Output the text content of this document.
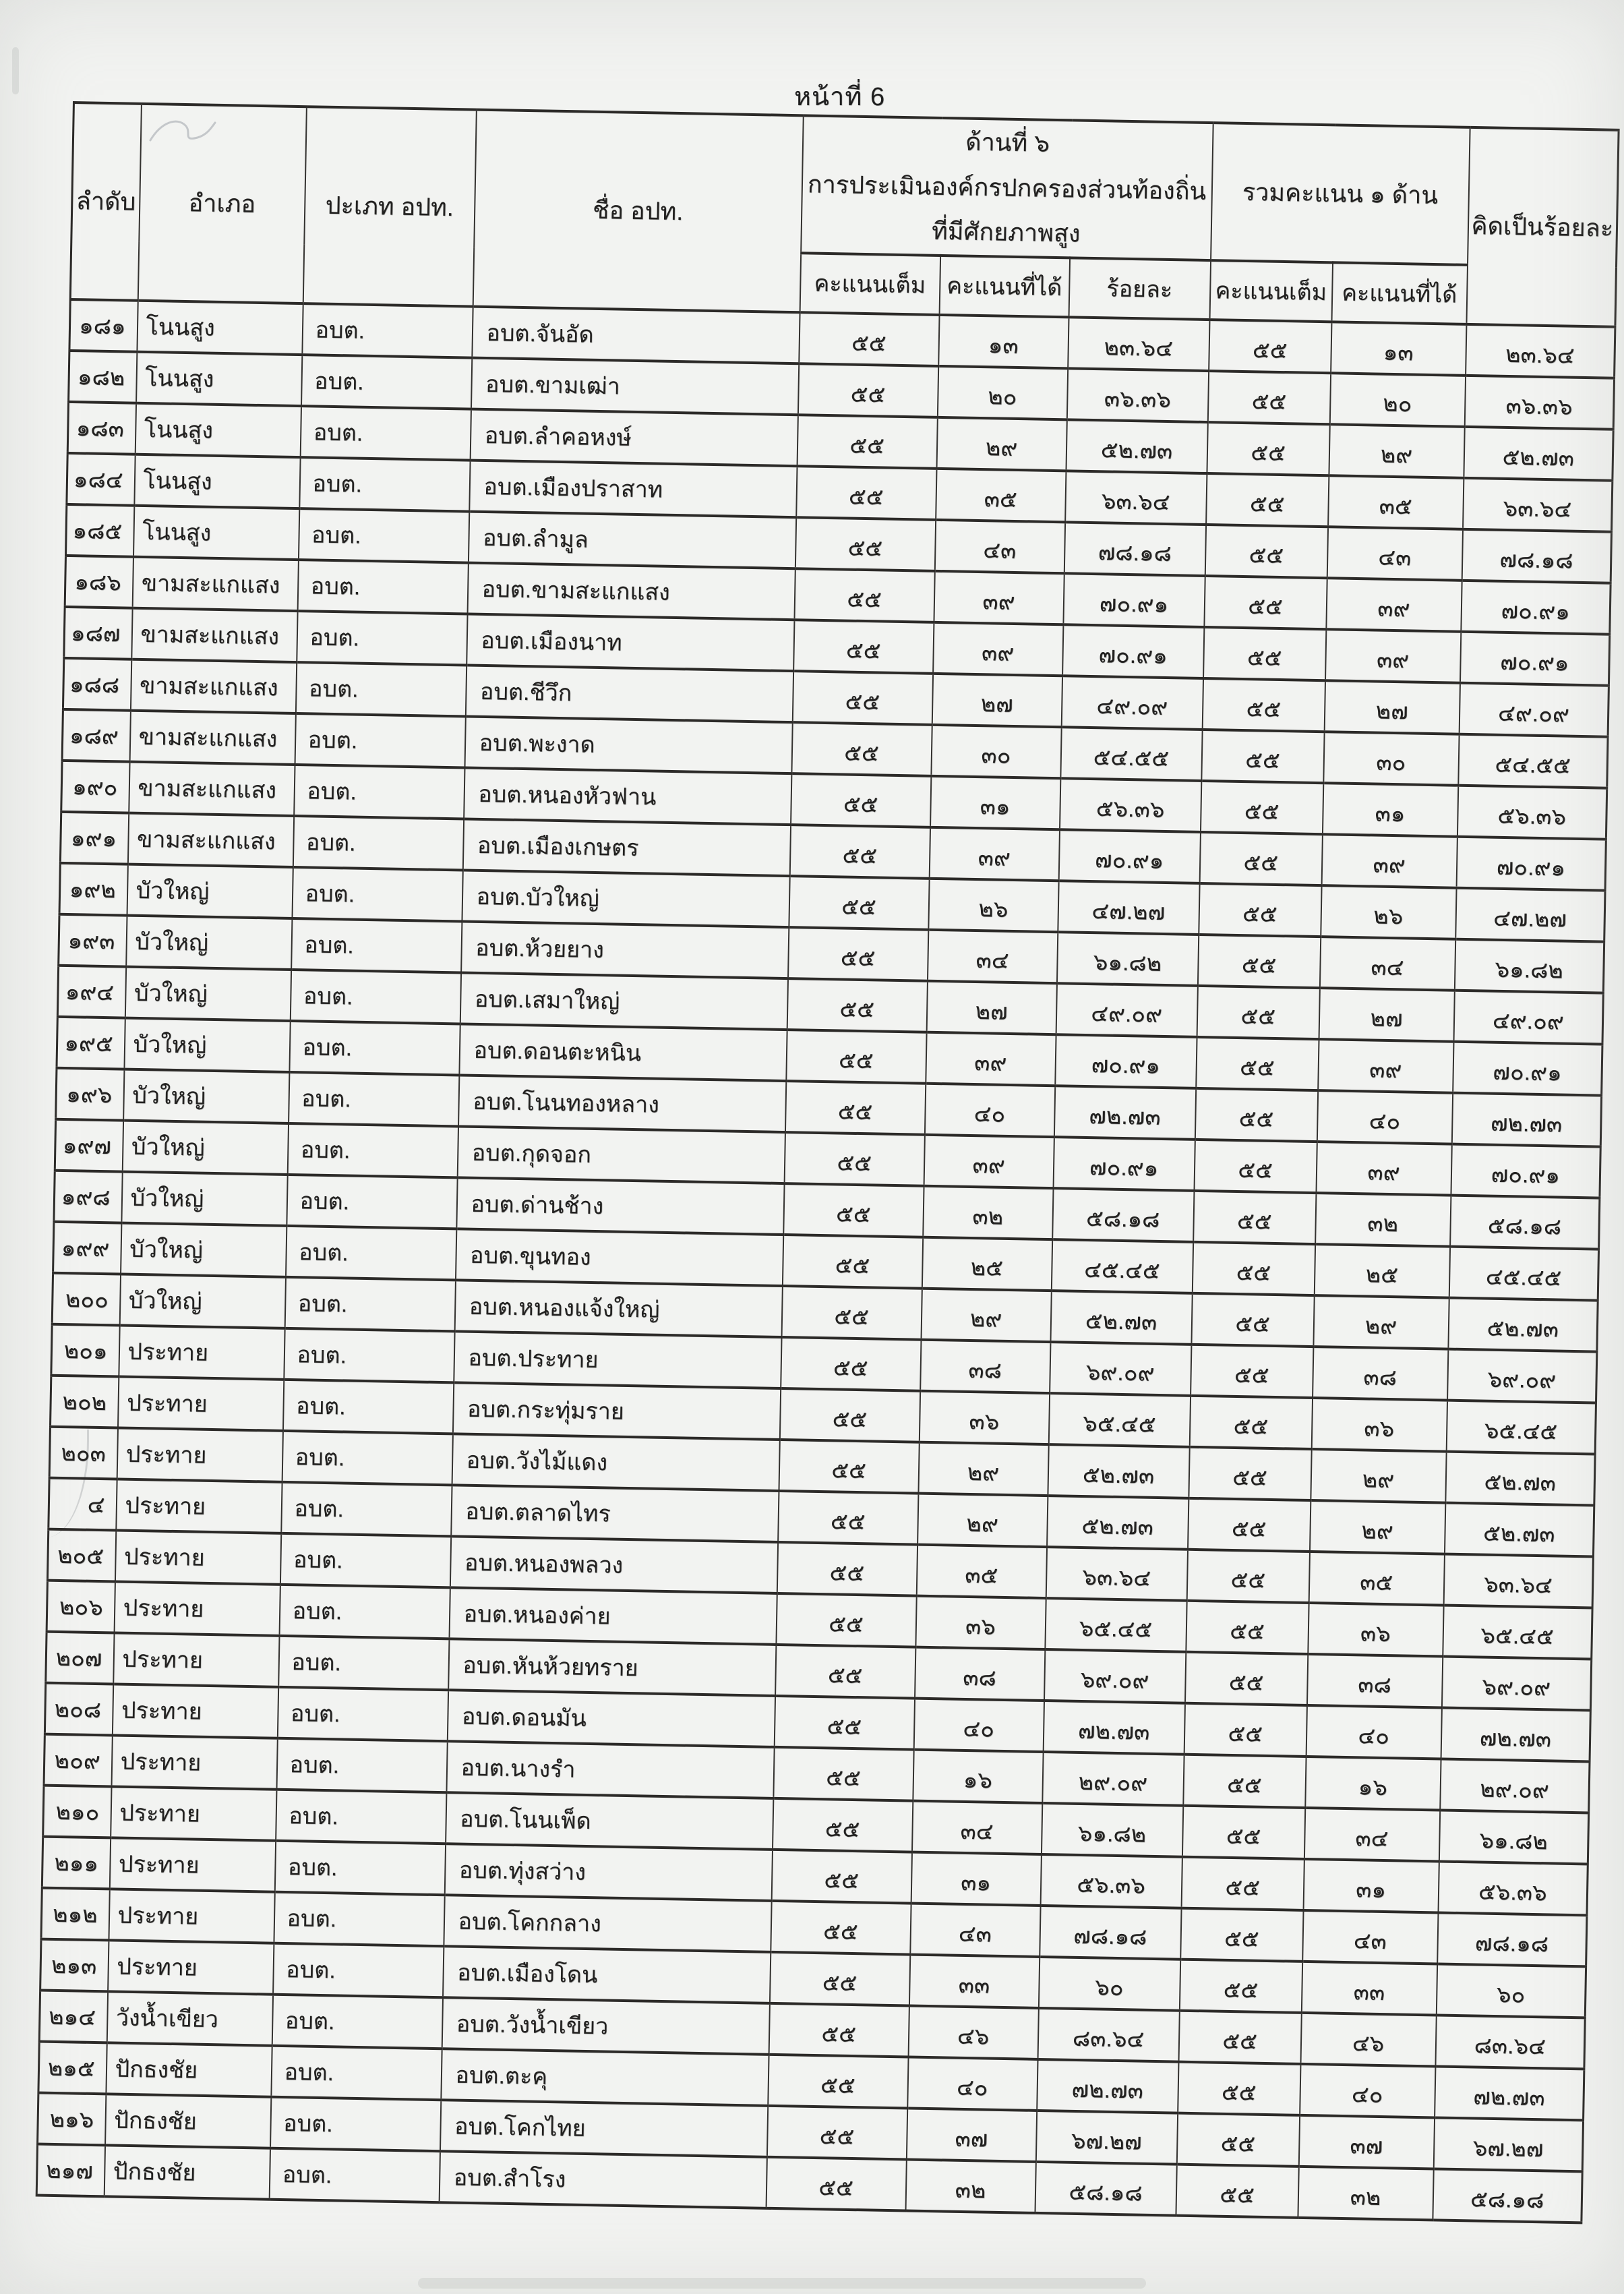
หน้าที่ 6
ลำดับ	อำเภอ	ปะเภท อปท.	ชื่อ อปท.	ด้านที่ ๖
การประเมินองค์กรปกครองส่วนท้องถิ่น
ที่มีศักยภาพสูง			รวมคะแนน ๑ ด้าน		คิดเป็นร้อยละ
				คะแนนเต็ม	คะแนนที่ได้	ร้อยละ	คะแนนเต็ม	คะแนนที่ได้	
๑๘๑	โนนสูง	อบต.	อบต.จันอัด	๕๕	๑๓	๒๓.๖๔	๕๕	๑๓	๒๓.๖๔
๑๘๒	โนนสูง	อบต.	อบต.ขามเฒ่า	๕๕	๒๐	๓๖.๓๖	๕๕	๒๐	๓๖.๓๖
๑๘๓	โนนสูง	อบต.	อบต.ลำคอหงษ์	๕๕	๒๙	๕๒.๗๓	๕๕	๒๙	๕๒.๗๓
๑๘๔	โนนสูง	อบต.	อบต.เมืองปราสาท	๕๕	๓๕	๖๓.๖๔	๕๕	๓๕	๖๓.๖๔
๑๘๕	โนนสูง	อบต.	อบต.ลำมูล	๕๕	๔๓	๗๘.๑๘	๕๕	๔๓	๗๘.๑๘
๑๘๖	ขามสะแกแสง	อบต.	อบต.ขามสะแกแสง	๕๕	๓๙	๗๐.๙๑	๕๕	๓๙	๗๐.๙๑
๑๘๗	ขามสะแกแสง	อบต.	อบต.เมืองนาท	๕๕	๓๙	๗๐.๙๑	๕๕	๓๙	๗๐.๙๑
๑๘๘	ขามสะแกแสง	อบต.	อบต.ชีวึก	๕๕	๒๗	๔๙.๐๙	๕๕	๒๗	๔๙.๐๙
๑๘๙	ขามสะแกแสง	อบต.	อบต.พะงาด	๕๕	๓๐	๕๔.๕๕	๕๕	๓๐	๕๔.๕๕
๑๙๐	ขามสะแกแสง	อบต.	อบต.หนองหัวฟาน	๕๕	๓๑	๕๖.๓๖	๕๕	๓๑	๕๖.๓๖
๑๙๑	ขามสะแกแสง	อบต.	อบต.เมืองเกษตร	๕๕	๓๙	๗๐.๙๑	๕๕	๓๙	๗๐.๙๑
๑๙๒	บัวใหญ่	อบต.	อบต.บัวใหญ่	๕๕	๒๖	๔๗.๒๗	๕๕	๒๖	๔๗.๒๗
๑๙๓	บัวใหญ่	อบต.	อบต.ห้วยยาง	๕๕	๓๔	๖๑.๘๒	๕๕	๓๔	๖๑.๘๒
๑๙๔	บัวใหญ่	อบต.	อบต.เสมาใหญ่	๕๕	๒๗	๔๙.๐๙	๕๕	๒๗	๔๙.๐๙
๑๙๕	บัวใหญ่	อบต.	อบต.ดอนตะหนิน	๕๕	๓๙	๗๐.๙๑	๕๕	๓๙	๗๐.๙๑
๑๙๖	บัวใหญ่	อบต.	อบต.โนนทองหลาง	๕๕	๔๐	๗๒.๗๓	๕๕	๔๐	๗๒.๗๓
๑๙๗	บัวใหญ่	อบต.	อบต.กุดจอก	๕๕	๓๙	๗๐.๙๑	๕๕	๓๙	๗๐.๙๑
๑๙๘	บัวใหญ่	อบต.	อบต.ด่านช้าง	๕๕	๓๒	๕๘.๑๘	๕๕	๓๒	๕๘.๑๘
๑๙๙	บัวใหญ่	อบต.	อบต.ขุนทอง	๕๕	๒๕	๔๕.๔๕	๕๕	๒๕	๔๕.๔๕
๒๐๐	บัวใหญ่	อบต.	อบต.หนองแจ้งใหญ่	๕๕	๒๙	๕๒.๗๓	๕๕	๒๙	๕๒.๗๓
๒๐๑	ประทาย	อบต.	อบต.ประทาย	๕๕	๓๘	๖๙.๐๙	๕๕	๓๘	๖๙.๐๙
๒๐๒	ประทาย	อบต.	อบต.กระทุ่มราย	๕๕	๓๖	๖๕.๔๕	๕๕	๓๖	๖๕.๔๕
๒๐๓	ประทาย	อบต.	อบต.วังไม้แดง	๕๕	๒๙	๕๒.๗๓	๕๕	๒๙	๕๒.๗๓
๔	ประทาย	อบต.	อบต.ตลาดไทร	๕๕	๒๙	๕๒.๗๓	๕๕	๒๙	๕๒.๗๓
๒๐๕	ประทาย	อบต.	อบต.หนองพลวง	๕๕	๓๕	๖๓.๖๔	๕๕	๓๕	๖๓.๖๔
๒๐๖	ประทาย	อบต.	อบต.หนองค่าย	๕๕	๓๖	๖๕.๔๕	๕๕	๓๖	๖๕.๔๕
๒๐๗	ประทาย	อบต.	อบต.หันห้วยทราย	๕๕	๓๘	๖๙.๐๙	๕๕	๓๘	๖๙.๐๙
๒๐๘	ประทาย	อบต.	อบต.ดอนมัน	๕๕	๔๐	๗๒.๗๓	๕๕	๔๐	๗๒.๗๓
๒๐๙	ประทาย	อบต.	อบต.นางรำ	๕๕	๑๖	๒๙.๐๙	๕๕	๑๖	๒๙.๐๙
๒๑๐	ประทาย	อบต.	อบต.โนนเพ็ด	๕๕	๓๔	๖๑.๘๒	๕๕	๓๔	๖๑.๘๒
๒๑๑	ประทาย	อบต.	อบต.ทุ่งสว่าง	๕๕	๓๑	๕๖.๓๖	๕๕	๓๑	๕๖.๓๖
๒๑๒	ประทาย	อบต.	อบต.โคกกลาง	๕๕	๔๓	๗๘.๑๘	๕๕	๔๓	๗๘.๑๘
๒๑๓	ประทาย	อบต.	อบต.เมืองโดน	๕๕	๓๓	๖๐	๕๕	๓๓	๖๐
๒๑๔	วังน้ำเขียว	อบต.	อบต.วังน้ำเขียว	๕๕	๔๖	๘๓.๖๔	๕๕	๔๖	๘๓.๖๔
๒๑๕	ปักธงชัย	อบต.	อบต.ตะคุ	๕๕	๔๐	๗๒.๗๓	๕๕	๔๐	๗๒.๗๓
๒๑๖	ปักธงชัย	อบต.	อบต.โคกไทย	๕๕	๓๗	๖๗.๒๗	๕๕	๓๗	๖๗.๒๗
๒๑๗	ปักธงชัย	อบต.	อบต.สำโรง	๕๕	๓๒	๕๘.๑๘	๕๕	๓๒	๕๘.๑๘
